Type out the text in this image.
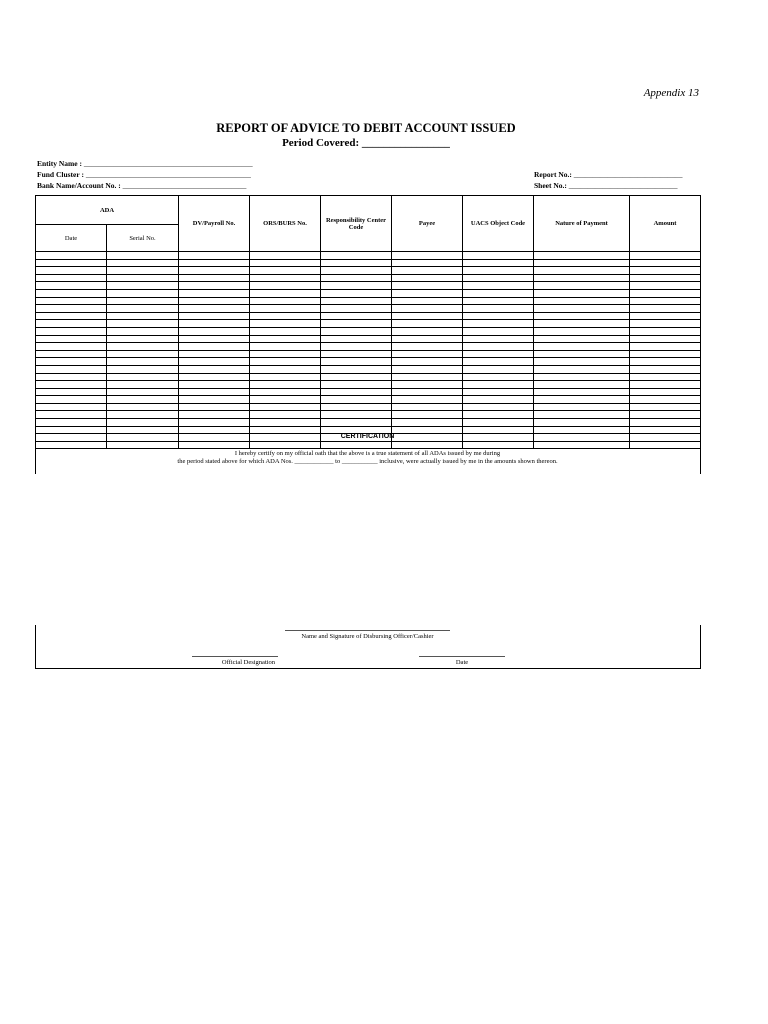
Appendix 13
REPORT OF ADVICE TO DEBIT ACCOUNT ISSUED
Period Covered: ________________
Entity Name : _____________________________________________
Fund Cluster : ____________________________________________
Bank Name/Account No. : _________________________________
Report No.: _____________________________
Sheet No.: _____________________________
ADA		DV/Payroll No.	ORS/BURS No.	Responsibility Center Code	Payee	UACS Object Code	Nature of Payment	Amount
Date	Serial No.							

CERTIFICATION
I hereby certify on my official oath that the above is a true statement of all ADAs issued by me during
the period stated above for which ADA Nos. ____________ to ___________ inclusive, were actually issued by me in the amounts shown thereon.
Name and Signature of Disbursing Officer/Cashier
Official Designation	Date
